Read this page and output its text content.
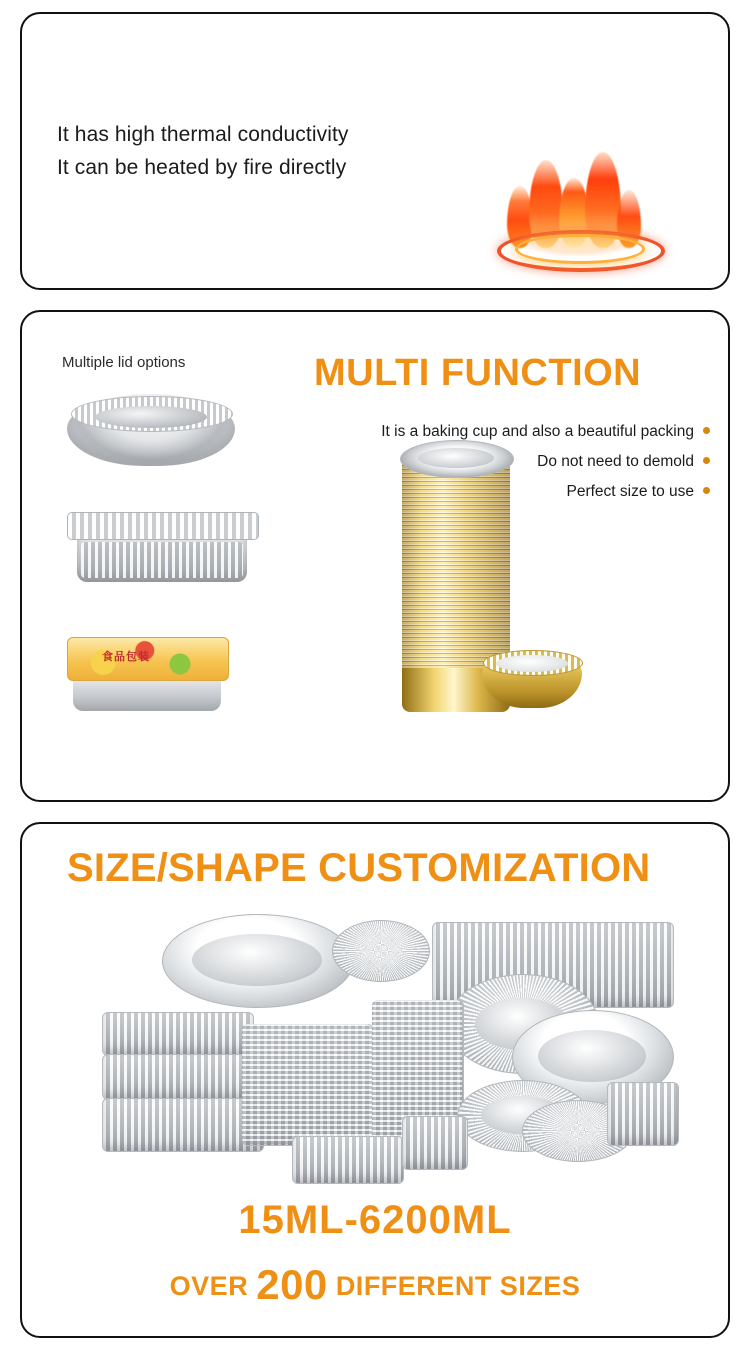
It has high thermal conductivity
It can be heated by fire directly
Multiple lid options	MULTI FUNCTION
It is a baking cup and also a beautiful packing
Do not need to demold
Perfect size to use
食品包装
SIZE/SHAPE CUSTOMIZATION
15ML-6200ML
OVER 200 DIFFERENT SIZES
